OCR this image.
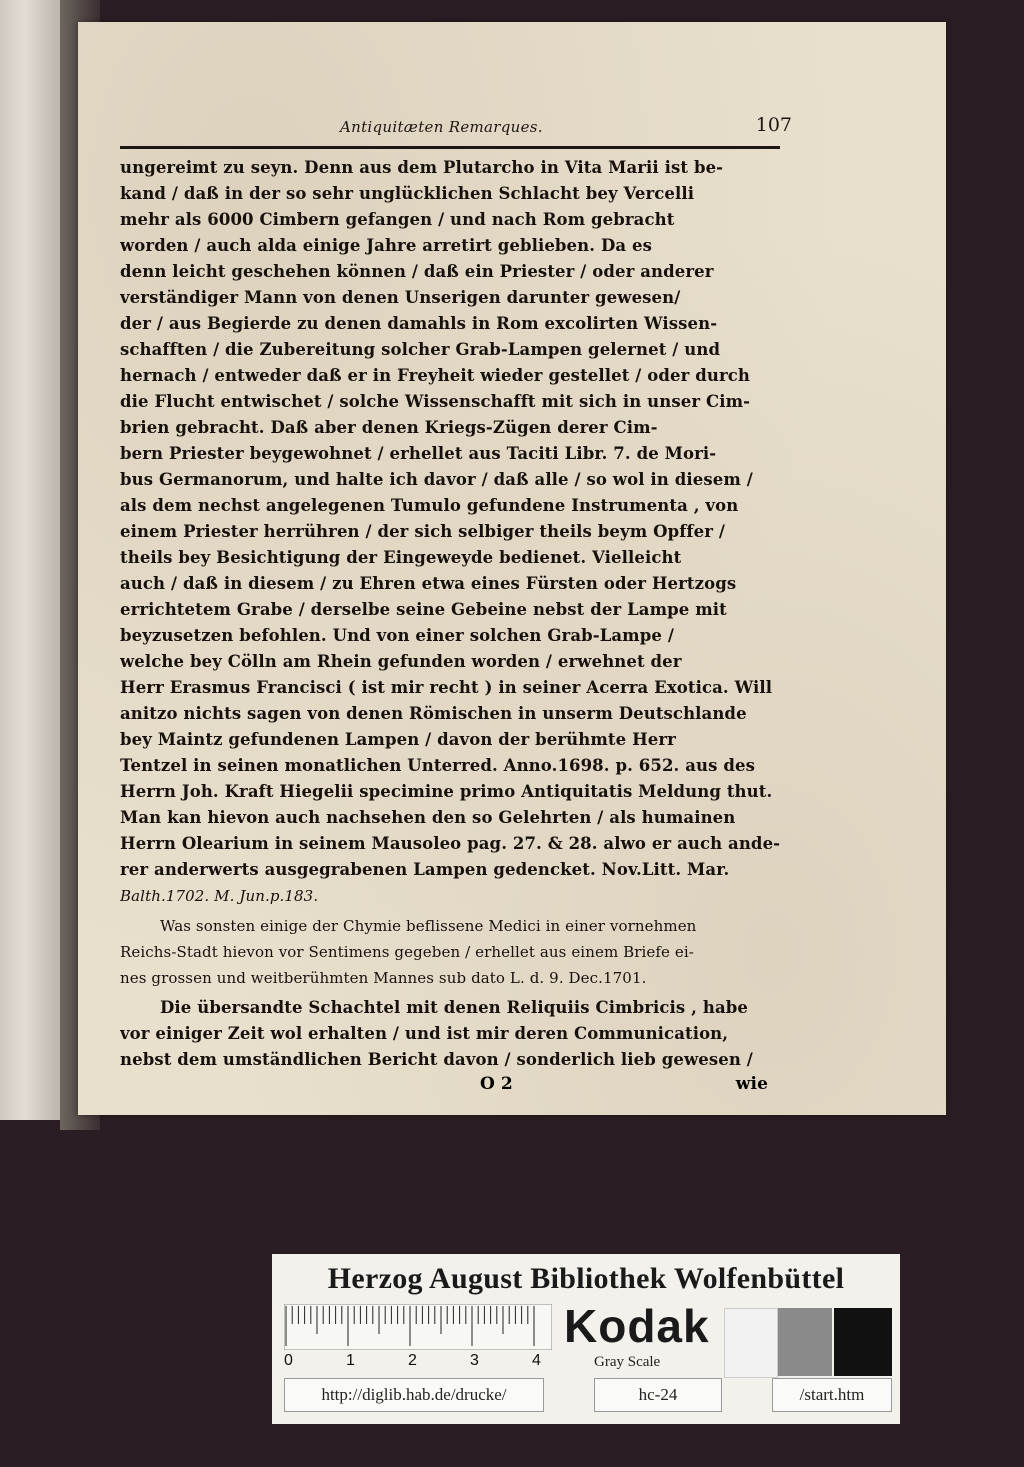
Antiquitæten Remarques.	107
ungereimt zu seyn. Denn aus dem Plutarcho in Vita Marii ist be-
kand / daß in der so sehr unglücklichen Schlacht bey Vercelli
mehr als 6000 Cimbern gefangen / und nach Rom gebracht
worden / auch alda einige Jahre arretirt geblieben. Da es
denn leicht geschehen können / daß ein Priester / oder anderer
verständiger Mann von denen Unserigen darunter gewesen/
der / aus Begierde zu denen damahls in Rom excolirten Wissen-
schafften / die Zubereitung solcher Grab-Lampen gelernet / und
hernach / entweder daß er in Freyheit wieder gestellet / oder durch
die Flucht entwischet / solche Wissenschafft mit sich in unser Cim-
brien gebracht. Daß aber denen Kriegs-Zügen derer Cim-
bern Priester beygewohnet / erhellet aus Taciti Libr. 7. de Mori-
bus Germanorum, und halte ich davor / daß alle / so wol in diesem /
als dem nechst angelegenen Tumulo gefundene Instrumenta , von
einem Priester herrühren / der sich selbiger theils beym Opffer /
theils bey Besichtigung der Eingeweyde bedienet. Vielleicht
auch / daß in diesem / zu Ehren etwa eines Fürsten oder Hertzogs
errichtetem Grabe / derselbe seine Gebeine nebst der Lampe mit
beyzusetzen befohlen. Und von einer solchen Grab-Lampe /
welche bey Cölln am Rhein gefunden worden / erwehnet der
Herr Erasmus Francisci ( ist mir recht ) in seiner Acerra Exotica. Will
anitzo nichts sagen von denen Römischen in unserm Deutschlande
bey Maintz gefundenen Lampen / davon der berühmte Herr
Tentzel in seinen monatlichen Unterred. Anno.1698. p. 652. aus des
Herrn Joh. Kraft Hiegelii specimine primo Antiquitatis Meldung thut.
Man kan hievon auch nachsehen den so Gelehrten / als humainen
Herrn Olearium in seinem Mausoleo pag. 27. & 28. alwo er auch ande-
rer anderwerts ausgegrabenen Lampen gedencket. Nov.Litt. Mar.
Balth.1702. M. Jun.p.183.
Was sonsten einige der Chymie beflissene Medici in einer vornehmen
Reichs-Stadt hievon vor Sentimens gegeben / erhellet aus einem Briefe ei-
nes grossen und weitberühmten Mannes sub dato L. d. 9. Dec.1701.
Die übersandte Schachtel mit denen Reliquiis Cimbricis , habe
vor einiger Zeit wol erhalten / und ist mir deren Communication,
nebst dem umständlichen Bericht davon / sonderlich lieb gewesen /
O 2	wie
Herzog August Bibliothek Wolfenbüttel
0	1	2	3	4
Kodak
Gray Scale
http://diglib.hab.de/drucke/	hc-24	/start.htm
